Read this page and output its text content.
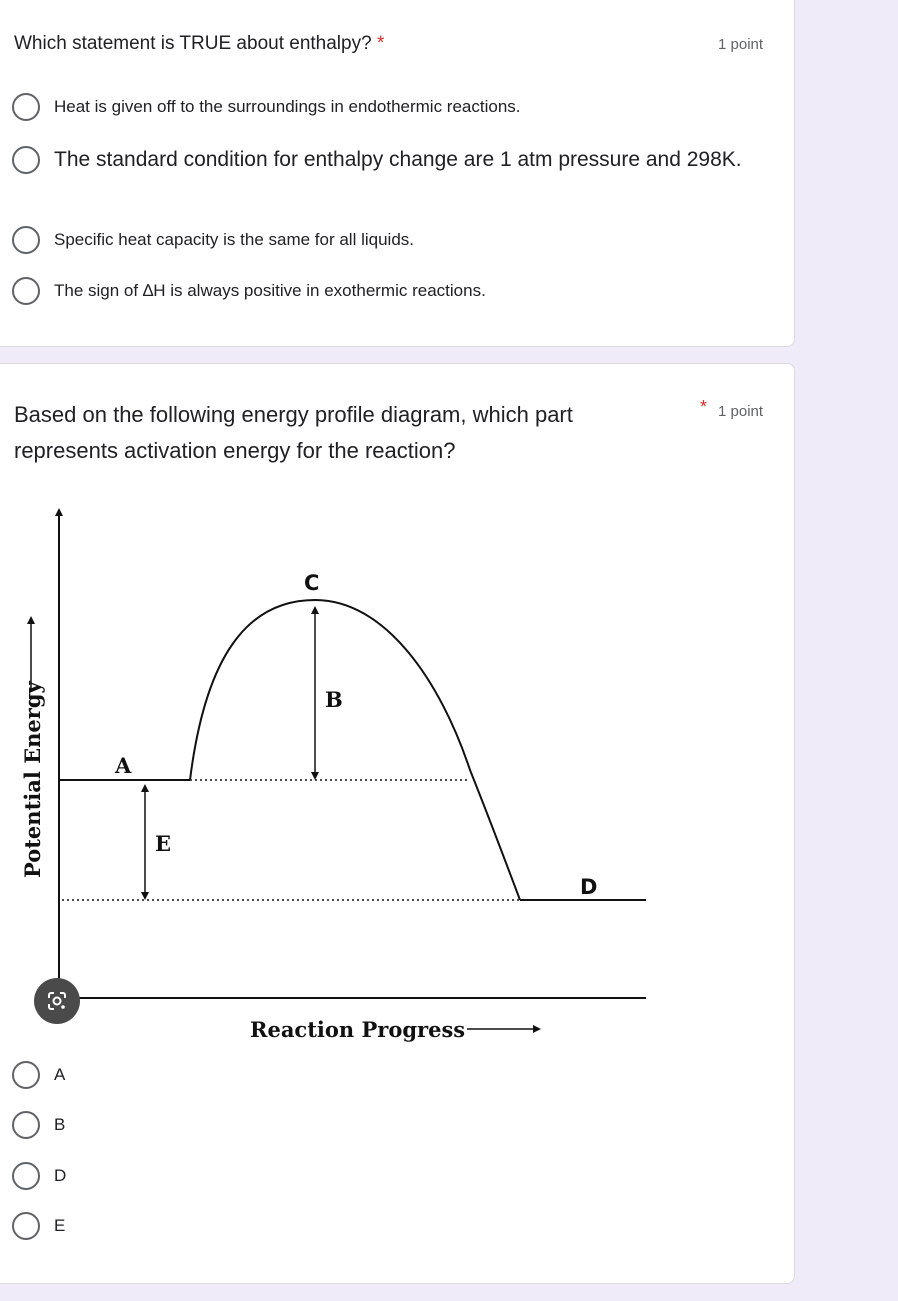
Which statement is TRUE about enthalpy? *	1 point
Heat is given off to the surroundings in endothermic reactions.
The standard condition for enthalpy change are 1 atm pressure and 298K.
Specific heat capacity is the same for all liquids.
The sign of ∆H is always positive in exothermic reactions.
Based on the following energy profile diagram, which part represents activation energy for the reaction?
* 1 point
Potential Energy
Reaction Progress
C
B
A
E
D
A
B
D
E
